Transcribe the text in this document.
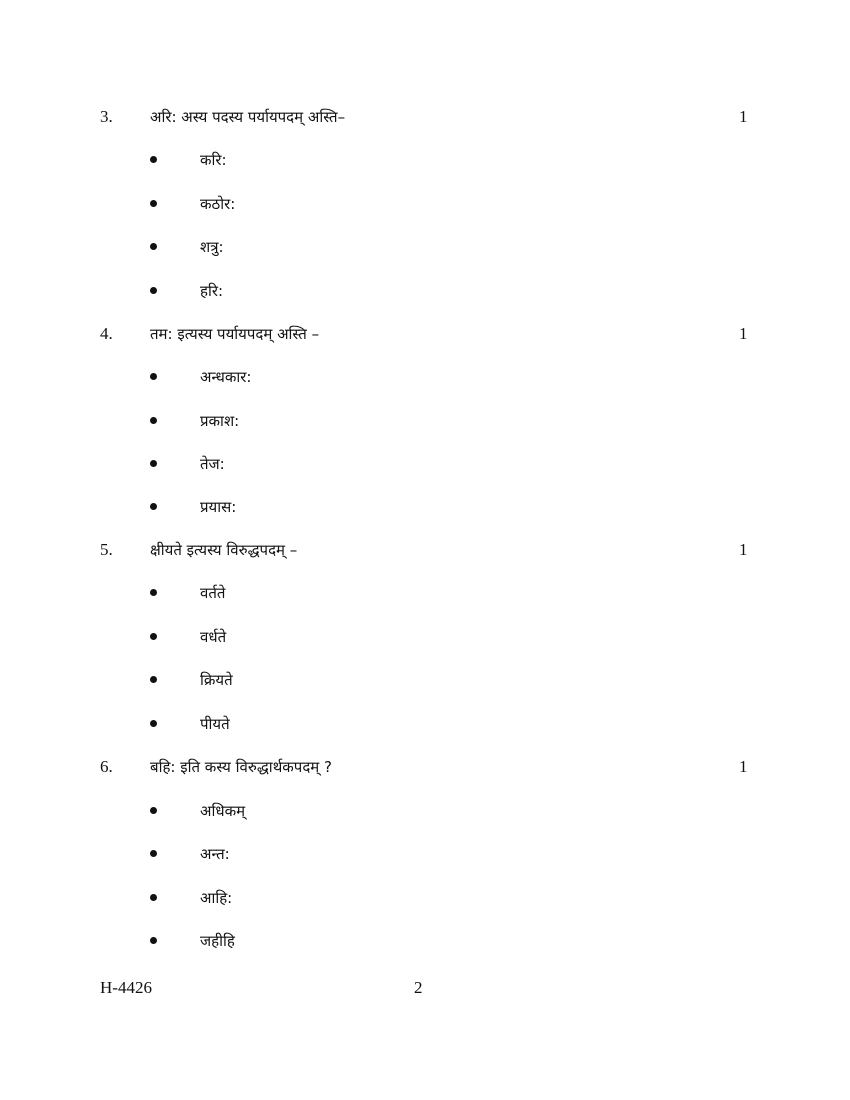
3. अरि: अस्य पदस्य पर्यायपदम् अस्ति–	1
करि:
कठोर:
शत्रु:
हरि:
4. तम: इत्यस्य पर्यायपदम् अस्ति –	1
अन्धकार:
प्रकाश:
तेज:
प्रयास:
5. क्षीयते इत्यस्य विरुद्धपदम् –	1
वर्तते
वर्धते
क्रियते
पीयते
6. बहि: इति कस्य विरुद्धार्थकपदम् ?	1
अधिकम्
अन्त:
आहि:
जहीहि
H-4426	2
